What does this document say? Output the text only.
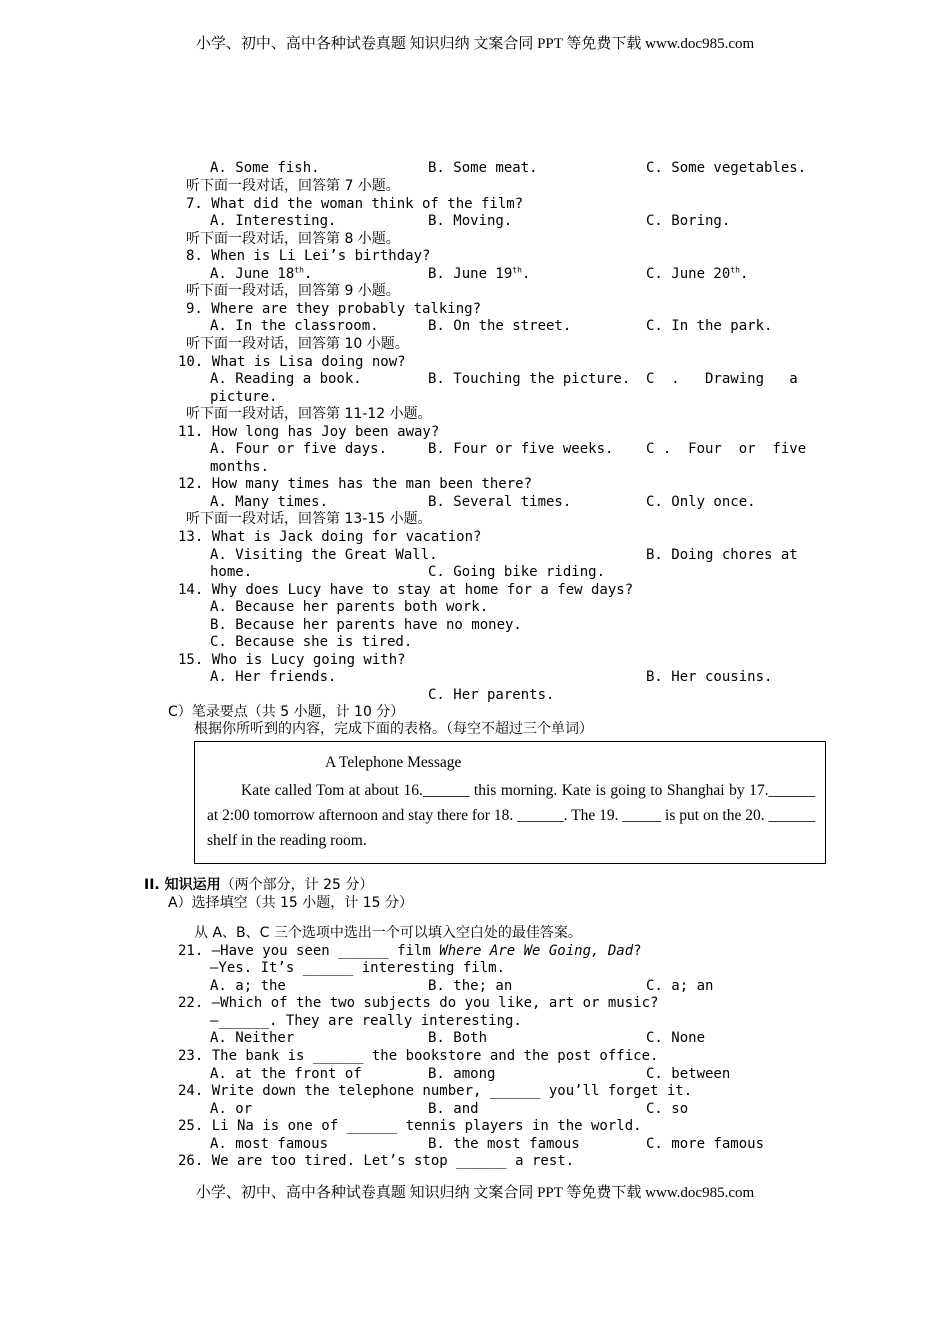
小学、初中、高中各种试卷真题 知识归纳 文案合同 PPT 等免费下载 www.doc985.com
A. Some fish.	B. Some meat.	C. Some vegetables.
听下面一段对话，回答第 7 小题。
7. What did the woman think of the film?
A. Interesting.	B. Moving.	C. Boring.
听下面一段对话，回答第 8 小题。
8. When is Li Lei’s birthday?
A. June 18th.	B. June 19th.	C. June 20th.
听下面一段对话，回答第 9 小题。
9. Where are they probably talking?
A. In the classroom.	B. On the street.	C. In the park.
听下面一段对话，回答第 10 小题。
10. What is Lisa doing now?
A. Reading a book.	B. Touching the picture. C  .   Drawing   a
picture.
听下面一段对话，回答第 11-12 小题。
11. How long has Joy been away?
A. Four or five days.	B. Four or five weeks. C .  Four  or  five
months.
12. How many times has the man been there?
A. Many times.	B. Several times.	C. Only once.
听下面一段对话，回答第 13-15 小题。
13. What is Jack doing for vacation?
A. Visiting the Great Wall.	B. Doing chores at
home.	C. Going bike riding.
14. Why does Lucy have to stay at home for a few days?
A. Because her parents both work.
B. Because her parents have no money.
C. Because she is tired.
15. Who is Lucy going with?
A. Her friends.	B. Her cousins.
C. Her parents.
C）笔录要点（共 5 小题，计 10 分）
根据你所听到的内容，完成下面的表格。（每空不超过三个单词）
A Telephone Message
Kate called Tom at about 16.______ this morning. Kate is going to Shanghai by 17.______ at 2:00 tomorrow afternoon and stay there for 18. ______. The 19. _____ is put on the 20. ______ shelf in the reading room.
II. 知识运用（两个部分，计 25 分）
A）选择填空（共 15 小题，计 15 分）
从 A、B、C 三个选项中选出一个可以填入空白处的最佳答案。
21. —Have you seen ______ film Where Are We Going, Dad?
—Yes. It’s ______ interesting film.
A. a; the	B. the; an	C. a; an
22. —Which of the two subjects do you like, art or music?
—______. They are really interesting.
A. Neither	B. Both	C. None
23. The bank is ______ the bookstore and the post office.
A. at the front of	B. among	C. between
24. Write down the telephone number, ______ you’ll forget it.
A. or	B. and	C. so
25. Li Na is one of ______ tennis players in the world.
A. most famous	B. the most famous	C. more famous
26. We are too tired. Let’s stop ______ a rest.
小学、初中、高中各种试卷真题 知识归纳 文案合同 PPT 等免费下载 www.doc985.com
